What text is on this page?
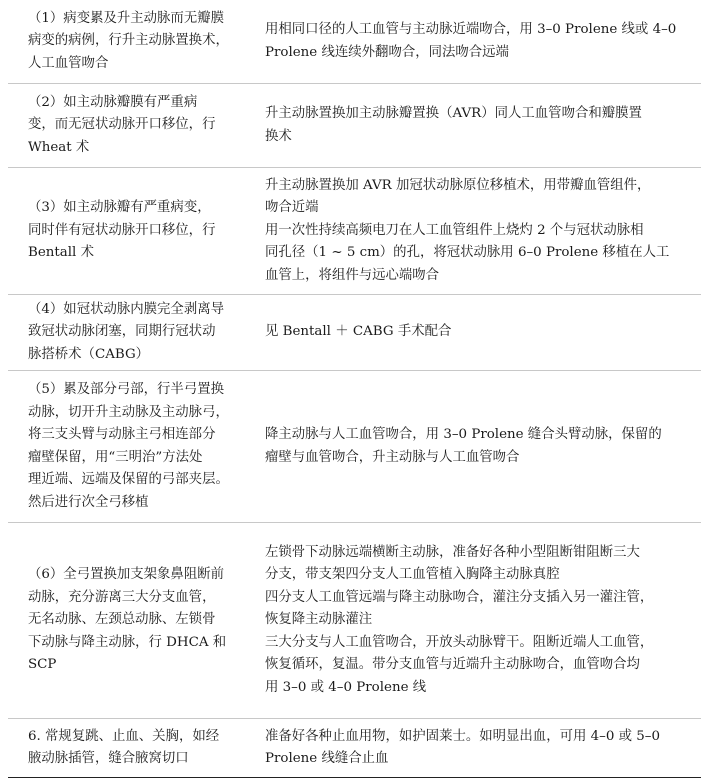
（1）病变累及升主动脉而无瓣膜
病变的病例，行升主动脉置换术，
人工血管吻合
用相同口径的人工血管与主动脉近端吻合，用 3–0 Prolene 线或 4–0
Prolene 线连续外翻吻合，同法吻合远端
（2）如主动脉瓣膜有严重病
变，而无冠状动脉开口移位，行
Wheat 术
升主动脉置换加主动脉瓣置换（AVR）同人工血管吻合和瓣膜置
换术
（3）如主动脉瓣有严重病变，
同时伴有冠状动脉开口移位，行
Bentall 术
升主动脉置换加 AVR 加冠状动脉原位移植术，用带瓣血管组件，
吻合近端
用一次性持续高频电刀在人工血管组件上烧灼 2 个与冠状动脉相
同孔径（1 ~ 5 cm）的孔，将冠状动脉用 6–0 Prolene 移植在人工
血管上，将组件与远心端吻合
（4）如冠状动脉内膜完全剥离导
致冠状动脉闭塞，同期行冠状动
脉搭桥术（CABG）
见 Bentall ＋ CABG 手术配合
（5）累及部分弓部，行半弓置换
动脉，切开升主动脉及主动脉弓，
将三支头臂与动脉主弓相连部分
瘤壁保留，用“三明治”方法处
理近端、远端及保留的弓部夹层。
然后进行次全弓移植
降主动脉与人工血管吻合，用 3–0 Prolene 缝合头臂动脉，保留的
瘤壁与血管吻合，升主动脉与人工血管吻合
（6）全弓置换加支架象鼻阻断前
动脉，充分游离三大分支血管，
无名动脉、左颈总动脉、左锁骨
下动脉与降主动脉，行 DHCA 和
SCP
左锁骨下动脉远端横断主动脉，准备好各种小型阻断钳阻断三大
分支，带支架四分支人工血管植入胸降主动脉真腔
四分支人工血管远端与降主动脉吻合，灌注分支插入另一灌注管，
恢复降主动脉灌注
三大分支与人工血管吻合，开放头动脉臂干。阻断近端人工血管，
恢复循环，复温。带分支血管与近端升主动脉吻合，血管吻合均
用 3–0 或 4–0 Prolene 线
6. 常规复跳、止血、关胸，如经
腋动脉插管，缝合腋窝切口
准备好各种止血用物，如护固莱士。如明显出血，可用 4–0 或 5–0
Prolene 线缝合止血
